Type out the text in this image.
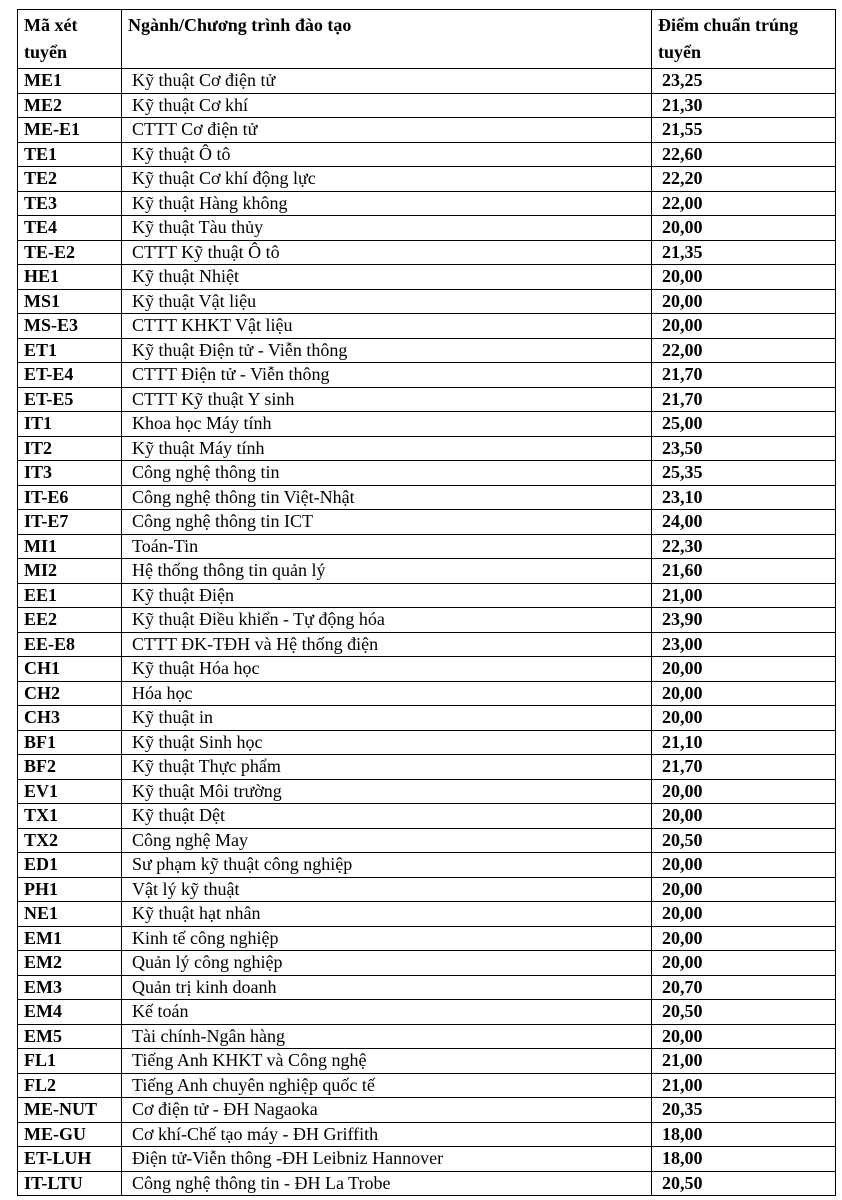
Mã xét tuyển	Ngành/Chương trình đào tạo	Điểm chuẩn trúng tuyển
ME1	Kỹ thuật Cơ điện tử	23,25
ME2	Kỹ thuật Cơ khí	21,30
ME-E1	CTTT Cơ điện tử	21,55
TE1	Kỹ thuật Ô tô	22,60
TE2	Kỹ thuật Cơ khí động lực	22,20
TE3	Kỹ thuật Hàng không	22,00
TE4	Kỹ thuật Tàu thủy	20,00
TE-E2	CTTT Kỹ thuật Ô tô	21,35
HE1	Kỹ thuật Nhiệt	20,00
MS1	Kỹ thuật Vật liệu	20,00
MS-E3	CTTT KHKT Vật liệu	20,00
ET1	Kỹ thuật Điện tử - Viễn thông	22,00
ET-E4	CTTT Điện tử - Viễn thông	21,70
ET-E5	CTTT Kỹ thuật Y sinh	21,70
IT1	Khoa học Máy tính	25,00
IT2	Kỹ thuật Máy tính	23,50
IT3	Công nghệ thông tin	25,35
IT-E6	Công nghệ thông tin Việt-Nhật	23,10
IT-E7	Công nghệ thông tin ICT	24,00
MI1	Toán-Tin	22,30
MI2	Hệ thống thông tin quản lý	21,60
EE1	Kỹ thuật Điện	21,00
EE2	Kỹ thuật Điều khiển - Tự động hóa	23,90
EE-E8	CTTT ĐK-TĐH và Hệ thống điện	23,00
CH1	Kỹ thuật Hóa học	20,00
CH2	Hóa học	20,00
CH3	Kỹ thuật in	20,00
BF1	Kỹ thuật Sinh học	21,10
BF2	Kỹ thuật Thực phẩm	21,70
EV1	Kỹ thuật Môi trường	20,00
TX1	Kỹ thuật Dệt	20,00
TX2	Công nghệ May	20,50
ED1	Sư phạm kỹ thuật công nghiệp	20,00
PH1	Vật lý kỹ thuật	20,00
NE1	Kỹ thuật hạt nhân	20,00
EM1	Kinh tế công nghiệp	20,00
EM2	Quản lý công nghiệp	20,00
EM3	Quản trị kinh doanh	20,70
EM4	Kế toán	20,50
EM5	Tài chính-Ngân hàng	20,00
FL1	Tiếng Anh KHKT và Công nghệ	21,00
FL2	Tiếng Anh chuyên nghiệp quốc tế	21,00
ME-NUT	Cơ điện tử - ĐH Nagaoka	20,35
ME-GU	Cơ khí-Chế tạo máy - ĐH Griffith	18,00
ET-LUH	Điện tử-Viễn thông -ĐH Leibniz Hannover	18,00
IT-LTU	Công nghệ thông tin - ĐH La Trobe	20,50
